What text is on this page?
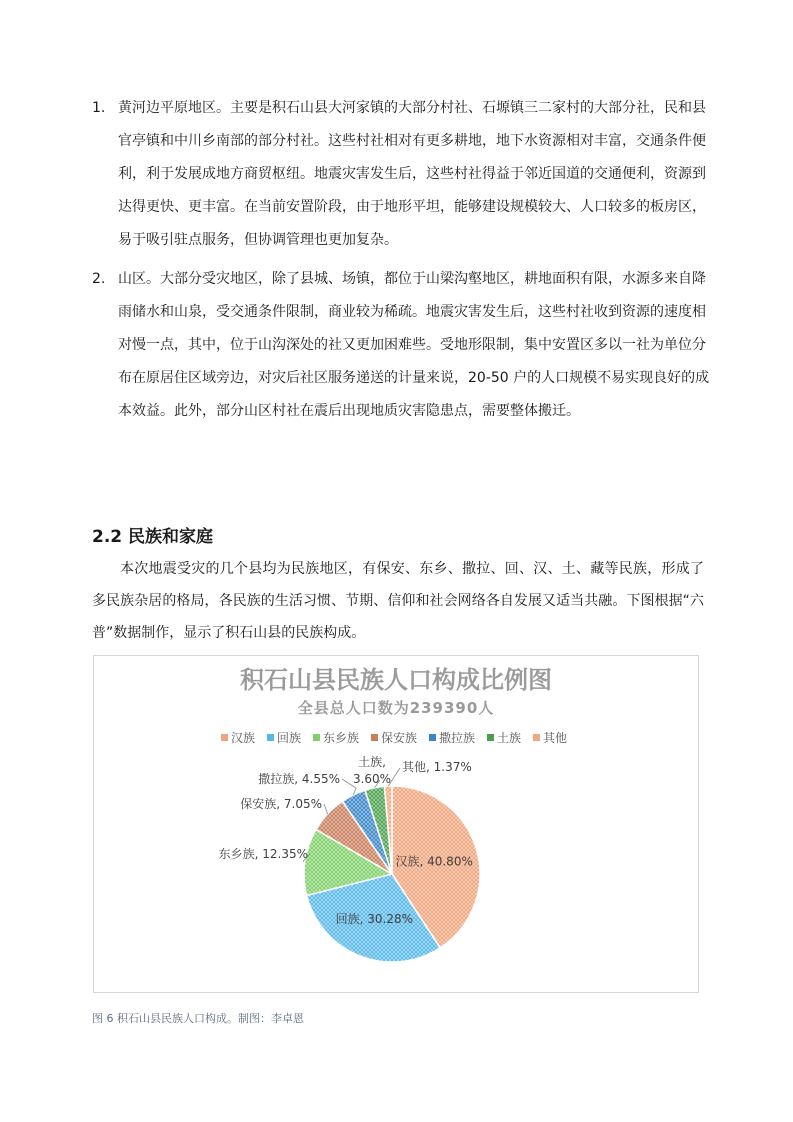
1. 黄河边平原地区。主要是积石山县大河家镇的大部分村社、石塬镇三二家村的大部分社，民和县官亭镇和中川乡南部的部分村社。这些村社相对有更多耕地，地下水资源相对丰富，交通条件便利，利于发展成地方商贸枢纽。地震灾害发生后，这些村社得益于邻近国道的交通便利，资源到达得更快、更丰富。在当前安置阶段，由于地形平坦，能够建设规模较大、人口较多的板房区，易于吸引驻点服务，但协调管理也更加复杂。
2. 山区。大部分受灾地区，除了县城、场镇，都位于山梁沟壑地区，耕地面积有限，水源多来自降雨储水和山泉，受交通条件限制，商业较为稀疏。地震灾害发生后，这些村社收到资源的速度相对慢一点，其中，位于山沟深处的社又更加困难些。受地形限制，集中安置区多以一社为单位分布在原居住区域旁边，对灾后社区服务递送的计量来说，20-50 户的人口规模不易实现良好的成本效益。此外，部分山区村社在震后出现地质灾害隐患点，需要整体搬迁。
2.2 民族和家庭

本次地震受灾的几个县均为民族地区，有保安、东乡、撒拉、回、汉、土、藏等民族，形成了多民族杂居的格局，各民族的生活习惯、节期、信仰和社会网络各自发展又适当共融。下图根据“六普”数据制作，显示了积石山县的民族构成。

积石山县民族人口构成比例图
全县总人口数为239390人
汉族 回族 东乡族 保安族 撒拉族 土族 其他
汉族, 40.80%
回族, 30.28%
东乡族, 12.35%
保安族, 7.05%
撒拉族, 4.55%
土族,
3.60%
其他, 1.37%
图 6 积石山县民族人口构成。制图：李卓恩
